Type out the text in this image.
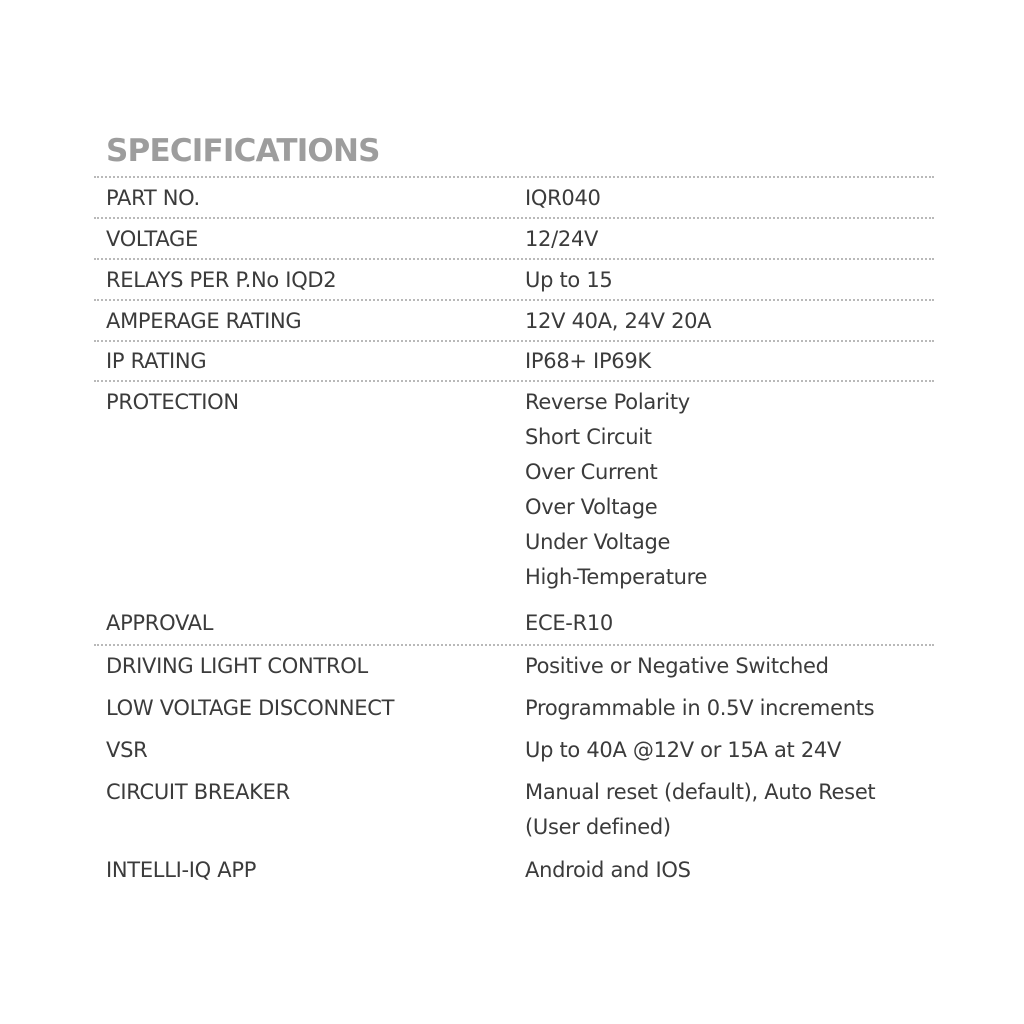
SPECIFICATIONS
PART NO.	IQR040
VOLTAGE	12/24V
RELAYS PER P.No IQD2	Up to 15
AMPERAGE RATING	12V 40A, 24V 20A
IP RATING	IP68+ IP69K
PROTECTION	Reverse Polarity
Short Circuit
Over Current
Over Voltage
Under Voltage
High-Temperature
APPROVAL	ECE-R10
DRIVING LIGHT CONTROL	Positive or Negative Switched
LOW VOLTAGE DISCONNECT	Programmable in 0.5V increments
VSR	Up to 40A @12V or 15A at 24V
CIRCUIT BREAKER	Manual reset (default), Auto Reset
(User defined)
INTELLI-IQ APP	Android and IOS
